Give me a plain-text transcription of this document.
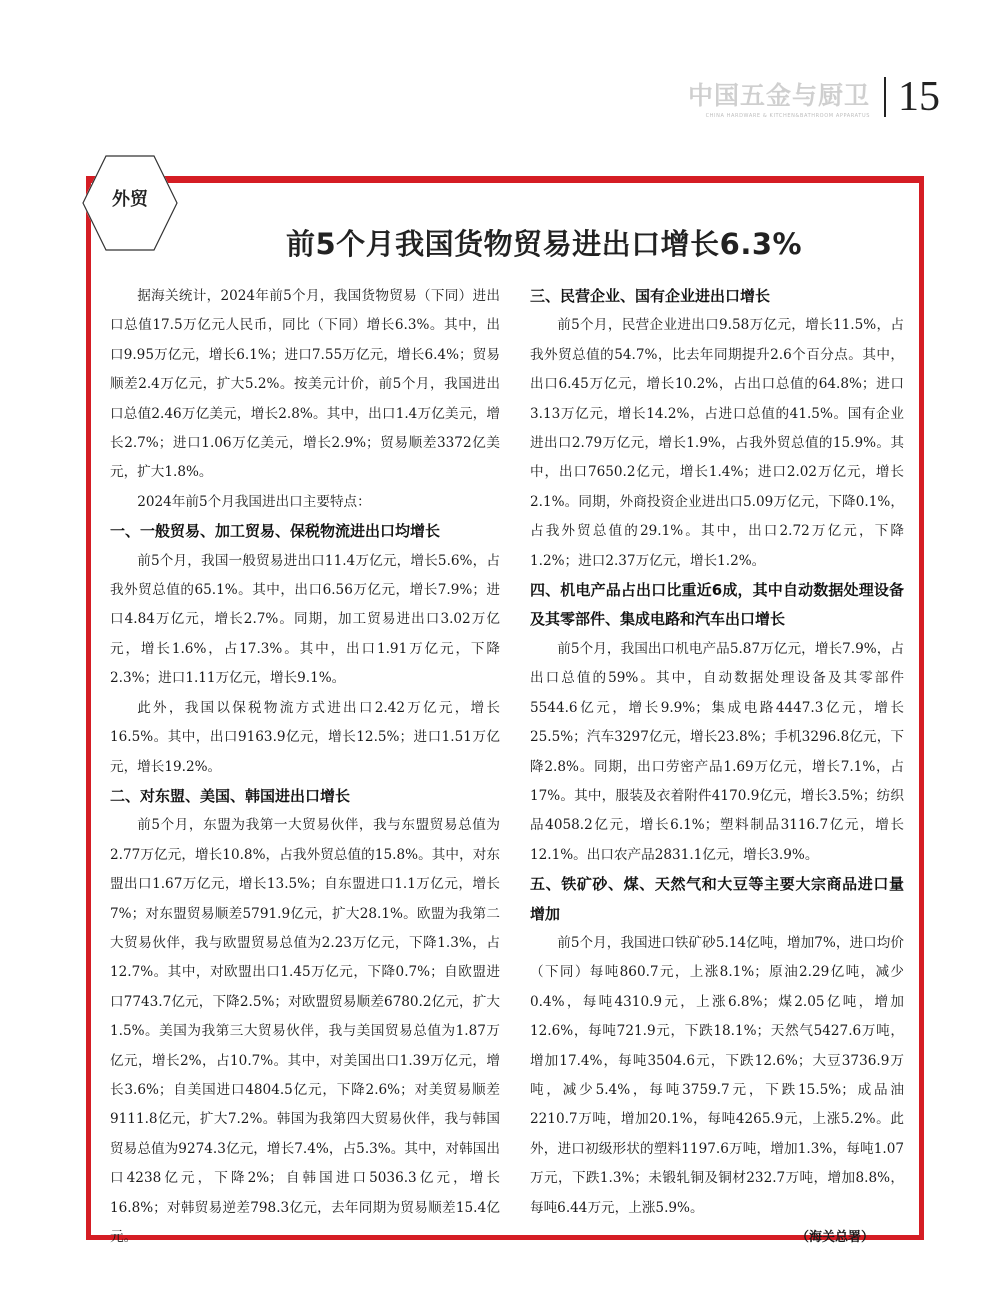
中国五金与厨卫
CHINA HARDWARE & KITCHEN&BATHROOM APPARATUS 15
外贸
前5个月我国货物贸易进出口增长6.3%

据海关统计，2024年前5个月，我国货物贸易（下同）进出口总值17.5万亿元人民币，同比（下同）增长6.3%。其中，出口9.95万亿元，增长6.1%；进口7.55万亿元，增长6.4%；贸易顺差2.4万亿元，扩大5.2%。按美元计价，前5个月，我国进出口总值2.46万亿美元，增长2.8%。其中，出口1.4万亿美元，增长2.7%；进口1.06万亿美元，增长2.9%；贸易顺差3372亿美元，扩大1.8%。

2024年前5个月我国进出口主要特点：

一、一般贸易、加工贸易、保税物流进出口均增长

前5个月，我国一般贸易进出口11.4万亿元，增长5.6%，占我外贸总值的65.1%。其中，出口6.56万亿元，增长7.9%；进口4.84万亿元，增长2.7%。同期，加工贸易进出口3.02万亿元，增长1.6%，占17.3%。其中，出口1.91万亿元，下降2.3%；进口1.11万亿元，增长9.1%。

此外，我国以保税物流方式进出口2.42万亿元，增长16.5%。其中，出口9163.9亿元，增长12.5%；进口1.51万亿元，增长19.2%。

二、对东盟、美国、韩国进出口增长

前5个月，东盟为我第一大贸易伙伴，我与东盟贸易总值为2.77万亿元，增长10.8%，占我外贸总值的15.8%。其中，对东盟出口1.67万亿元，增长13.5%；自东盟进口1.1万亿元，增长7%；对东盟贸易顺差5791.9亿元，扩大28.1%。欧盟为我第二大贸易伙伴，我与欧盟贸易总值为2.23万亿元，下降1.3%，占12.7%。其中，对欧盟出口1.45万亿元，下降0.7%；自欧盟进口7743.7亿元，下降2.5%；对欧盟贸易顺差6780.2亿元，扩大1.5%。美国为我第三大贸易伙伴，我与美国贸易总值为1.87万亿元，增长2%，占10.7%。其中，对美国出口1.39万亿元，增长3.6%；自美国进口4804.5亿元，下降2.6%；对美贸易顺差9111.8亿元，扩大7.2%。韩国为我第四大贸易伙伴，我与韩国贸易总值为9274.3亿元，增长7.4%，占5.3%。其中，对韩国出口4238亿元，下降2%；自韩国进口5036.3亿元，增长16.8%；对韩贸易逆差798.3亿元，去年同期为贸易顺差15.4亿元。

三、民营企业、国有企业进出口增长

前5个月，民营企业进出口9.58万亿元，增长11.5%，占我外贸总值的54.7%，比去年同期提升2.6个百分点。其中，出口6.45万亿元，增长10.2%，占出口总值的64.8%；进口3.13万亿元，增长14.2%，占进口总值的41.5%。国有企业进出口2.79万亿元，增长1.9%，占我外贸总值的15.9%。其中，出口7650.2亿元，增长1.4%；进口2.02万亿元，增长2.1%。同期，外商投资企业进出口5.09万亿元，下降0.1%，占我外贸总值的29.1%。其中，出口2.72万亿元，下降1.2%；进口2.37万亿元，增长1.2%。

四、机电产品占出口比重近6成，其中自动数据处理设备及其零部件、集成电路和汽车出口增长

前5个月，我国出口机电产品5.87万亿元，增长7.9%，占出口总值的59%。其中，自动数据处理设备及其零部件5544.6亿元，增长9.9%；集成电路4447.3亿元，增长25.5%；汽车3297亿元，增长23.8%；手机3296.8亿元，下降2.8%。同期，出口劳密产品1.69万亿元，增长7.1%，占17%。其中，服装及衣着附件4170.9亿元，增长3.5%；纺织品4058.2亿元，增长6.1%；塑料制品3116.7亿元，增长12.1%。出口农产品2831.1亿元，增长3.9%。

五、铁矿砂、煤、天然气和大豆等主要大宗商品进口量增加

前5个月，我国进口铁矿砂5.14亿吨，增加7%，进口均价（下同）每吨860.7元，上涨8.1%；原油2.29亿吨，减少0.4%，每吨4310.9元，上涨6.8%；煤2.05亿吨，增加12.6%，每吨721.9元，下跌18.1%；天然气5427.6万吨，增加17.4%，每吨3504.6元，下跌12.6%；大豆3736.9万吨，减少5.4%，每吨3759.7元，下跌15.5%；成品油2210.7万吨，增加20.1%，每吨4265.9元，上涨5.2%。此外，进口初级形状的塑料1197.6万吨，增加1.3%，每吨1.07万元，下跌1.3%；未锻轧铜及铜材232.7万吨，增加8.8%，每吨6.44万元，上涨5.9%。

（海关总署）
